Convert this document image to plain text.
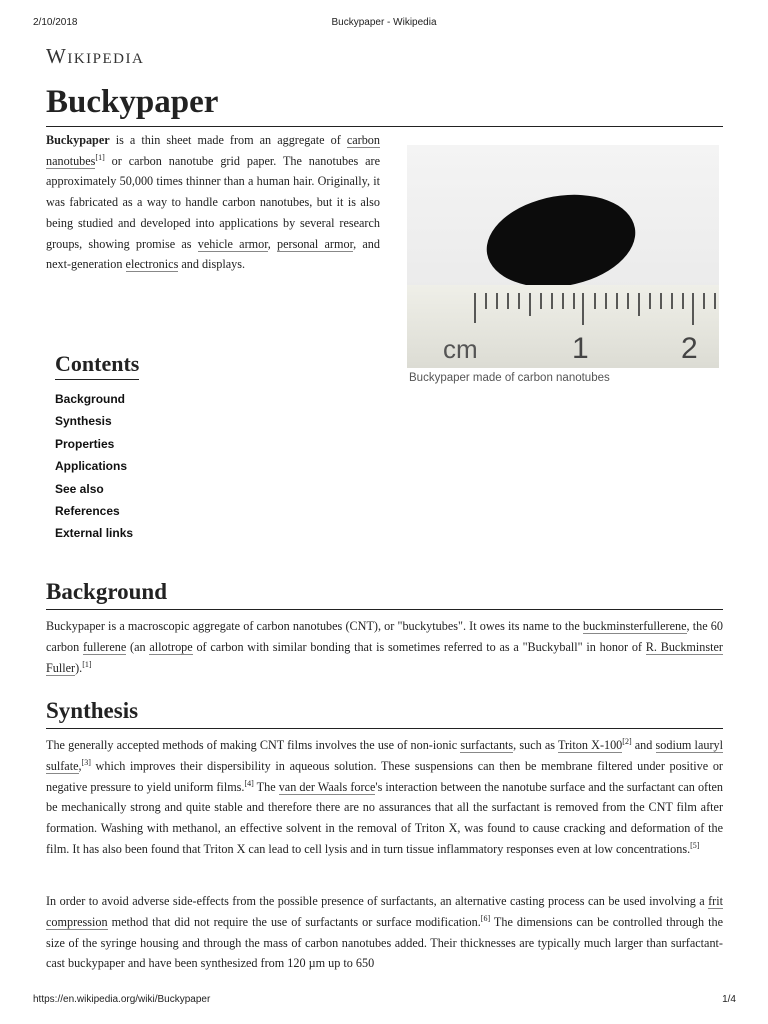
2/10/2018	Buckypaper - Wikipedia
Wikipedia
Buckypaper
Buckypaper is a thin sheet made from an aggregate of carbon nanotubes[1] or carbon nanotube grid paper. The nanotubes are approximately 50,000 times thinner than a human hair. Originally, it was fabricated as a way to handle carbon nanotubes, but it is also being studied and developed into applications by several research groups, showing promise as vehicle armor, personal armor, and next-generation electronics and displays.
cm	1	2
Buckypaper made of carbon nanotubes
Contents
Background
Synthesis
Properties
Applications
See also
References
External links
Background
Buckypaper is a macroscopic aggregate of carbon nanotubes (CNT), or "buckytubes". It owes its name to the buckminsterfullerene, the 60 carbon fullerene (an allotrope of carbon with similar bonding that is sometimes referred to as a "Buckyball" in honor of R. Buckminster Fuller).[1]
Synthesis
The generally accepted methods of making CNT films involves the use of non-ionic surfactants, such as Triton X-100[2] and sodium lauryl sulfate,[3] which improves their dispersibility in aqueous solution. These suspensions can then be membrane filtered under positive or negative pressure to yield uniform films.[4] The van der Waals force's interaction between the nanotube surface and the surfactant can often be mechanically strong and quite stable and therefore there are no assurances that all the surfactant is removed from the CNT film after formation. Washing with methanol, an effective solvent in the removal of Triton X, was found to cause cracking and deformation of the film. It has also been found that Triton X can lead to cell lysis and in turn tissue inflammatory responses even at low concentrations.[5]
In order to avoid adverse side-effects from the possible presence of surfactants, an alternative casting process can be used involving a frit compression method that did not require the use of surfactants or surface modification.[6] The dimensions can be controlled through the size of the syringe housing and through the mass of carbon nanotubes added. Their thicknesses are typically much larger than surfactant-cast buckypaper and have been synthesized from 120 µm up to 650
https://en.wikipedia.org/wiki/Buckypaper	1/4
